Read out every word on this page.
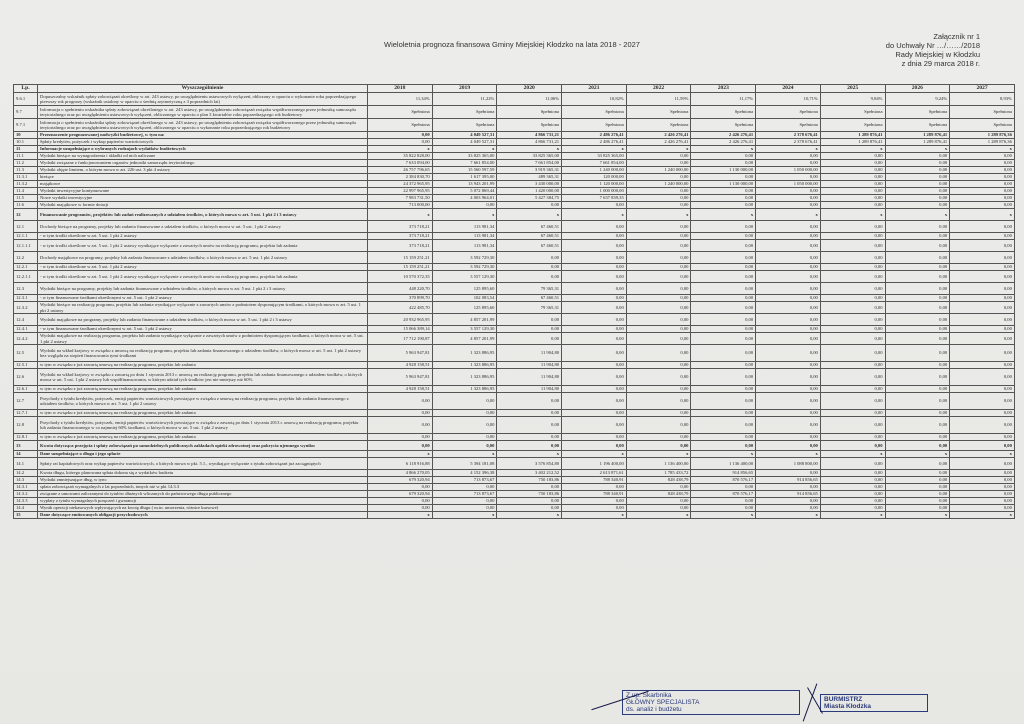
Wieloletnia prognoza finansowa Gminy Miejskiej Kłodzko na lata 2018 - 2027
Załącznik nr 1
do Uchwały Nr …/……/2018
Rady Miejskiej w Kłodzku
z dnia 29 marca 2018 r.
Lp.	Wyszczególnienie	2018	2019	2020	2021	2022	2023	2024	2025	2026	2027
9.6.1	Dopuszczalny wskaźnik spłaty zobowiązań określony w art. 243 ustawy, po uwzględnieniu ustawowych wyłączeń, obliczony w oparciu o wykonanie roku poprzedzającego pierwszy rok prognozy (wskaźnik ustalony w oparciu o średnią arytmetyczną z 3 poprzednich lat)	11,34%	11,22%	11,06%	10,82%	11,59%	11,17%	10,71%	9,84%	9,24%	8,93%
9.7	Informacja o spełnieniu wskaźnika spłaty zobowiązań określonego w art. 243 ustawy, po uwzględnieniu zobowiązań związku współtworzonego przez jednostkę samorządu terytorialnego oraz po uwzględnieniu ustawowych wyłączeń, obliczonego w oparciu o plan 3 kwartałów roku poprzedzającego rok budżetowy	Spełniona	Spełniona	Spełniona	Spełniona	Spełniona	Spełniona	Spełniona	Spełniona	Spełniona	Spełniona
9.7.1	Informacja o spełnieniu wskaźnika spłaty zobowiązań określonego w art. 243 ustawy, po uwzględnieniu zobowiązań związku współtworzonego przez jednostkę samorządu terytorialnego oraz po uwzględnieniu ustawowych wyłączeń, obliczonego w oparciu o wykonanie roku poprzedzającego rok budżetowy	Spełniona	Spełniona	Spełniona	Spełniona	Spełniona	Spełniona	Spełniona	Spełniona	Spełniona	Spełniona
10	Przeznaczenie prognozowanej nadwyżki budżetowej, w tym na:	0,00	4 049 527,31	4 866 731,21	2 486 276,41	2 426 276,41	2 426 276,41	2 378 676,41	1 289 876,41	1 289 876,41	1 289 876,36
10.1	Spłaty kredytów, pożyczek i wykup papierów wartościowych	0,00	4 049 527,31	4 866 731,21	2 486 276,41	2 426 276,41	2 426 276,41	2 378 676,41	1 289 876,41	1 289 876,41	1 289 876,36
11	Informacje uzupełniające o wybranych rodzajach wydatków budżetowych	x	x	x	x	x	x	x	x	x	x
11.1	Wydatki bieżące na wynagrodzenia i składki od nich naliczane	35 822 828,00	33 825 365,00	33 825 365,00	33 825 365,00	0,00	0,00	0,00	0,00	0,00	0,00
11.2	Wydatki związane z funkcjonowaniem organów jednostki samorządu terytorialnego	7 633 094,00	7 661 854,00	7 661 854,00	7 661 854,00	0,00	0,00	0,00	0,00	0,00	0,00
11.3	Wydatki objęte limitem, o którym mowa w art. 226 ust. 3 pkt 4 ustawy	26 757 796,65	15 560 597,59	3 919 365,31	1 240 000,00	1 240 000,00	1 130 000,00	1 050 000,00	0,00	0,00	0,00
11.3.1	bieżące	2 384 830,70	1 617 395,00	489 365,31	120 000,00	0,00	0,00	0,00	0,00	0,00	0,00
11.3.2	majątkowe	24 372 965,95	13 943 201,99	3 430 000,00	1 120 000,00	1 240 000,00	1 130 000,00	1 050 000,00	0,00	0,00	0,00
11.4	Wydatki inwestycyjne kontynuowane	22 997 965,95	5 072 869,44	1 420 000,00	1 000 000,00	0,00	0,00	0,00	0,00	0,00	0,00
11.5	Nowe wydatki inwestycyjne	7 983 731,50	4 003 964,01	5 427 384,75	7 637 839,35	0,00	0,00	0,00	0,00	0,00	0,00
11.6	Wydatki majątkowe w formie dotacji	713 000,00	0,00	0,00	0,00	0,00	0,00	0,00	0,00	0,00	0,00
12	Finansowanie programów, projektów lub zadań realizowanych z udziałem środków, o których mowa w art. 5 ust. 1 pkt 2 i 3 ustawy	x	x	x	x	x	x	x	x	x	x
12.1	Dochody bieżące na programy, projekty lub zadania finansowane z udziałem środków, o których mowa w art. 5 ust. 1 pkt 2 ustawy	373 718,21	113 981,34	67 460,51	0,00	0,00	0,00	0,00	0,00	0,00	0,00
12.1.1	- w tym środki określone w art. 5 ust. 1 pkt 2 ustawy	373 718,21	113 981,34	67 460,51	0,00	0,00	0,00	0,00	0,00	0,00	0,00
12.1.1.1	- w tym środki określone w art. 5 ust. 1 pkt 2 ustawy wynikające wyłącznie z zawartych umów na realizację programu, projektu lub zadania	373 718,21	113 981,34	67 460,51	0,00	0,00	0,00	0,00	0,00	0,00	0,00
12.2	Dochody majątkowe na programy, projekty lub zadania finansowane z udziałem środków, o których mowa w art. 5 ust. 1 pkt 2 ustawy	15 159 251,21	3 592 729,30	0,00	0,00	0,00	0,00	0,00	0,00	0,00	0,00
12.2.1	- w tym środki określone w art. 5 ust. 1 pkt 2 ustawy	15 159 251,21	3 592 729,30	0,00	0,00	0,00	0,00	0,00	0,00	0,00	0,00
12.2.1.1	- w tym środki określone w art. 5 ust. 1 pkt 2 ustawy wynikające wyłącznie z zawartych umów na realizację programu, projektu lub zadania	10 570 372,35	3 557 129,30	0,00	0,00	0,00	0,00	0,00	0,00	0,00	0,00
12.3	Wydatki bieżące na programy, projekty lub zadania finansowane z udziałem środków, o których mowa w art. 5 ust. 1 pkt 2 i 3 ustawy	448 220,70	125 895,60	79 365,31	0,00	0,00	0,00	0,00	0,00	0,00	0,00
12.3.1	- w tym finansowane środkami określonymi w art. 5 ust. 1 pkt 2 ustawy	370 899,70	102 083,54	67 460,51	0,00	0,00	0,00	0,00	0,00	0,00	0,00
12.3.2	Wydatki bieżące na realizację programu, projektu lub zadania wynikające wyłącznie z zawartych umów z podmiotem dysponującym środkami, o których mowa w art. 5 ust. 1 pkt 2 ustawy	422 485,70	125 895,60	79 365,31	0,00	0,00	0,00	0,00	0,00	0,00	0,00
12.4	Wydatki majątkowe na programy, projekty lub zadania finansowane z udziałem środków, o których mowa w art. 5 ust. 1 pkt 2 i 3 ustawy	20 932 965,95	4 857 201,99	0,00	0,00	0,00	0,00	0,00	0,00	0,00	0,00
12.4.1	- w tym finansowane środkami określonymi w art. 5 ust. 1 pkt 2 ustawy	15 066 389,14	3 557 129,30	0,00	0,00	0,00	0,00	0,00	0,00	0,00	0,00
12.4.2	Wydatki majątkowe na realizację programu, projektu lub zadania wynikające wyłącznie z zawartych umów z podmiotem dysponującym środkami, o których mowa w art. 5 ust. 1 pkt 2 ustawy	17 712 190,87	4 857 201,99	0,00	0,00	0,00	0,00	0,00	0,00	0,00	0,00
12.5	Wydatki na wkład krajowy w związku z umową na realizację programu, projektu lub zadania finansowanego z udziałem środków, o których mowa w art. 5 ust. 1 pkt 2 ustawy bez względu na stopień finansowania tymi środkami	5 963 947,81	1 323 886,95	11 904,80	0,00	0,00	0,00	0,00	0,00	0,00	0,00
12.5.1	w tym w związku z już zawartą umową na realizację programu, projektu lub zadania	4 928 158,51	1 323 886,95	11 904,80	0,00	0,00	0,00	0,00	0,00	0,00	0,00
12.6	Wydatki na wkład krajowy w związku z zawartą po dniu 1 stycznia 2013 r. umową na realizację programu, projektu lub zadania finansowanego z udziałem środków, o których mowa w art. 5 ust. 1 pkt 2 ustawy lub współfinansowania, w którym udział tych środków jest nie mniejszy niż 60%	5 963 947,81	1 323 886,95	11 904,80	0,00	0,00	0,00	0,00	0,00	0,00	0,00
12.6.1	w tym w związku z już zawartą umową na realizację programu, projektu lub zadania	4 928 158,51	1 323 886,95	11 904,80	0,00	0,00	0,00	0,00	0,00	0,00	0,00
12.7	Przychody z tytułu kredytów, pożyczek, emisji papierów wartościowych powstające w związku z umową na realizację programu, projektu lub zadania finansowanego z udziałem środków, o których mowa w art. 5 ust. 1 pkt 2 ustawy	0,00	0,00	0,00	0,00	0,00	0,00	0,00	0,00	0,00	0,00
12.7.1	w tym w związku z już zawartą umową na realizację programu, projektu lub zadania	0,00	0,00	0,00	0,00	0,00	0,00	0,00	0,00	0,00	0,00
12.8	Przychody z tytułu kredytów, pożyczek, emisji papierów wartościowych powstające w związku z zawartą po dniu 1 stycznia 2013 r. umową na realizację programu, projektu lub zadania finansowanego w co najmniej 60% środkami, o których mowa w art. 5 ust. 1 pkt 2 ustawy	0,00	0,00	0,00	0,00	0,00	0,00	0,00	0,00	0,00	0,00
12.8.1	w tym w związku z już zawartą umową na realizację programu, projektu lub zadania	0,00	0,00	0,00	0,00	0,00	0,00	0,00	0,00	0,00	0,00
13	Kwota dotycząca przejęcia i spłaty zobowiązań po samodzielnych publicznych zakładach opieki zdrowotnej oraz pokrycia ujemnego wyniku	0,00	0,00	0,00	0,00	0,00	0,00	0,00	0,00	0,00	0,00
14	Dane uzupełniające o długu i jego spłacie	x	x	x	x	x	x	x	x	x	x
14.1	Spłaty rat kapitałowych oraz wykup papierów wartościowych, o których mowa w pkt. 5.1., wynikające wyłącznie z tytułu zobowiązań już zaciągniętych	6 118 916,88	5 394 181,08	3 576 854,80	1 196 400,00	1 136 400,00	1 136 400,00	1 088 800,00	0,00	0,00	0,00
14.2	Kwota długu, którego planowana spłata dokona się z wydatków budżetu	4 866 270,05	4 152 396,38	3 402 212,52	2 613 871,61	1 785 433,72	914 856,65	0,00	0,00	0,00	0,00
14.3	Wydatki zmniejszające dług, w tym:	679 320,94	713 873,67	750 183,86	788 340,91	828 438,79	870 576,17	914 856,65	0,00	0,00	0,00
14.3.1	spłata zobowiązań wymagalnych z lat poprzednich, innych niż w pkt 14.3.3	0,00	0,00	0,00	0,00	0,00	0,00	0,00	0,00	0,00	0,00
14.3.2	związane z umowami zaliczanymi do tytułów dłużnych wliczanych do państwowego długu publicznego	679 320,94	713 873,67	750 183,86	788 340,91	828 438,79	870 576,17	914 856,65	0,00	0,00	0,00
14.3.3	wypłaty z tytułu wymagalnych poręczeń i gwarancji	0,00	0,00	0,00	0,00	0,00	0,00	0,00	0,00	0,00	0,00
14.4	Wynik operacji niekasowych wpływających na kwotę długu ( m.in. umorzenia, różnice kursowe)	0,00	0,00	0,00	0,00	0,00	0,00	0,00	0,00	0,00	0,00
15	Dane dotyczące emitowanych obligacji przychodowych	x	x	x	x	x	x	x	x	x	x
Z up. Skarbnika
GŁÓWNY SPECJALISTA
ds. analiz i budżetu
BURMISTRZ
Miasta Kłodzka
